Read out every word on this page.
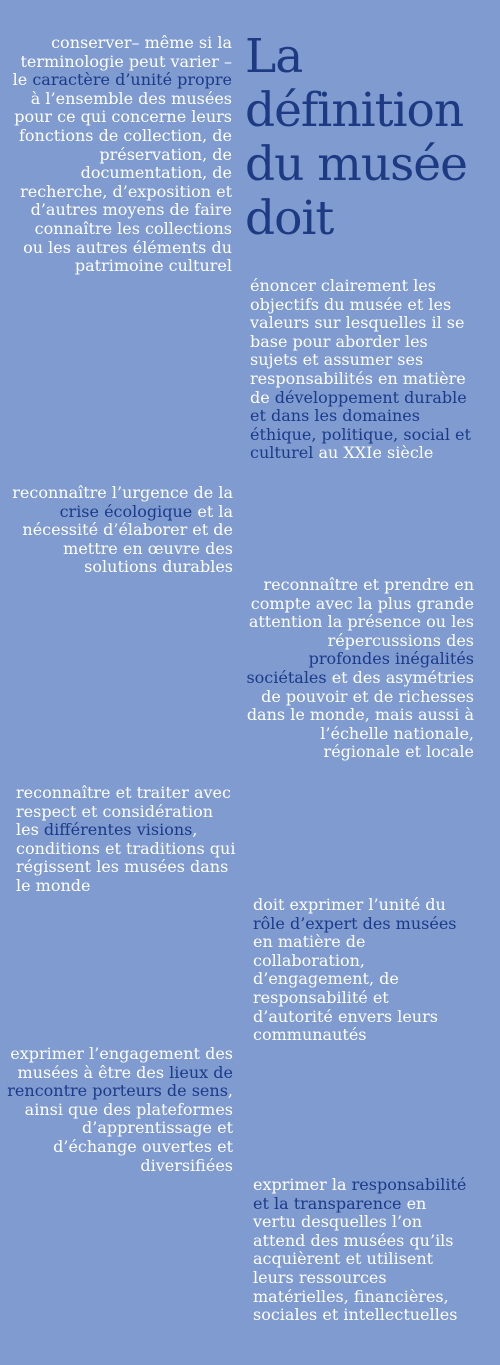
La définition du musée doit

conserver– même si la terminologie peut varier – le caractère d’unité propre à l’ensemble des musées pour ce qui concerne leurs fonctions de collection, de préservation, de documentation, de recherche, d’exposition et d’autres moyens de faire connaître les collections ou les autres éléments du patrimoine culturel

énoncer clairement les objectifs du musée et les valeurs sur lesquelles il se base pour aborder les sujets et assumer ses responsabilités en matière de développement durable et dans les domaines éthique, politique, social et culturel au XXIe siècle

reconnaître l’urgence de la crise écologique et la nécessité d’élaborer et de mettre en œuvre des solutions durables

reconnaître et prendre en compte avec la plus grande attention la présence ou les répercussions des profondes inégalités sociétales et des asymétries de pouvoir et de richesses dans le monde, mais aussi à l’échelle nationale, régionale et locale

reconnaître et traiter avec respect et considération les différentes visions, conditions et traditions qui régissent les musées dans le monde

doit exprimer l’unité du rôle d’expert des musées en matière de collaboration, d’engagement, de responsabilité et d’autorité envers leurs communautés

exprimer l’engagement des musées à être des lieux de rencontre porteurs de sens, ainsi que des plateformes d’apprentissage et d’échange ouvertes et diversifiées

exprimer la responsabilité et la transparence en vertu desquelles l’on attend des musées qu’ils acquièrent et utilisent leurs ressources matérielles, financières, sociales et intellectuelles
